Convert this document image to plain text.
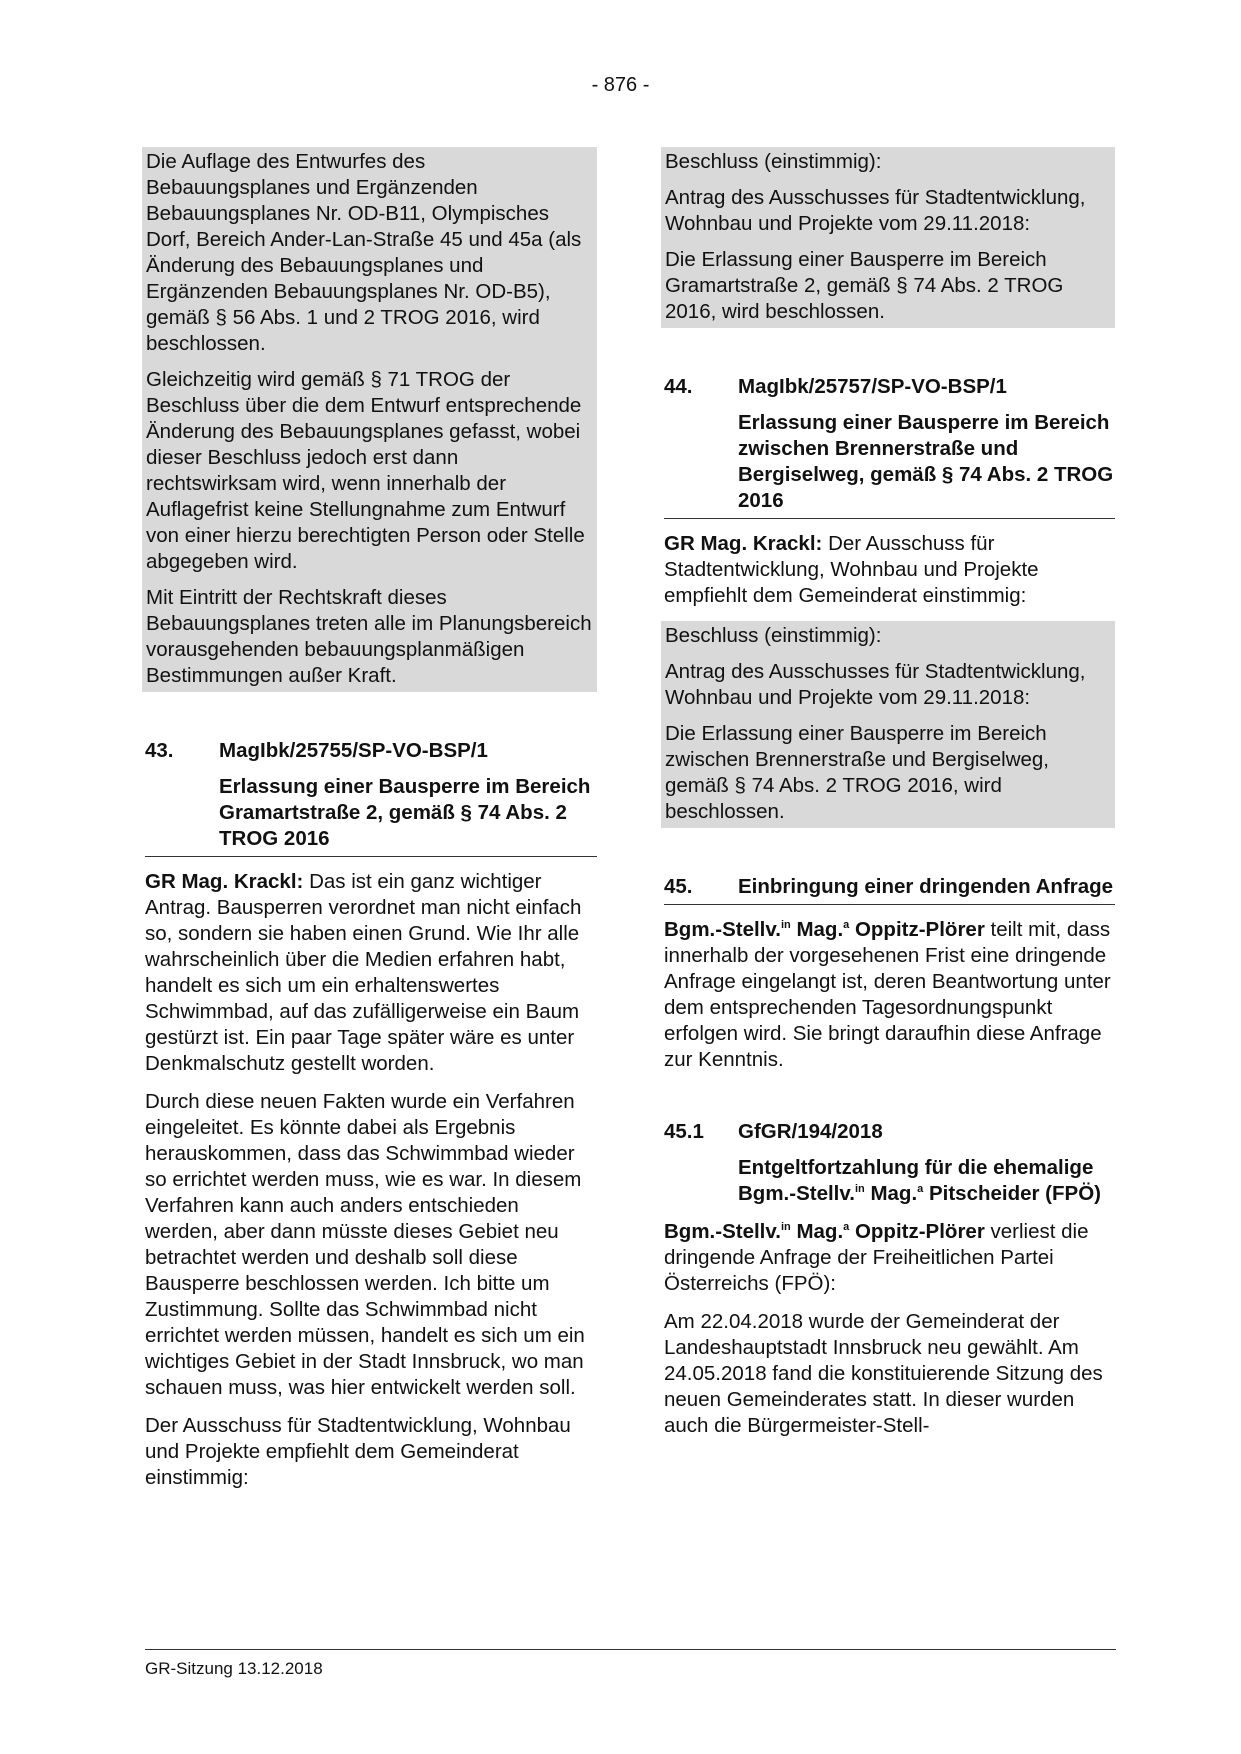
- 876 -

Die Auflage des Entwurfes des Bebauungsplanes und Ergänzenden Bebauungsplanes Nr. OD-B11, Olympisches Dorf, Bereich Ander-Lan-Straße 45 und 45a (als Änderung des Bebauungsplanes und Ergänzenden Bebauungsplanes Nr. OD-B5), gemäß § 56 Abs. 1 und 2 TROG 2016, wird beschlossen.

Gleichzeitig wird gemäß § 71 TROG der Beschluss über die dem Entwurf entsprechende Änderung des Bebauungsplanes gefasst, wobei dieser Beschluss jedoch erst dann rechtswirksam wird, wenn innerhalb der Auflagefrist keine Stellungnahme zum Entwurf von einer hierzu berechtigten Person oder Stelle abgegeben wird.

Mit Eintritt der Rechtskraft dieses Bebauungsplanes treten alle im Planungsbereich vorausgehenden bebauungsplanmäßigen Bestimmungen außer Kraft.

43. MagIbk/25755/SP-VO-BSP/1
Erlassung einer Bausperre im Bereich Gramartstraße 2, gemäß § 74 Abs. 2 TROG 2016

GR Mag. Krackl: Das ist ein ganz wichtiger Antrag. Bausperren verordnet man nicht einfach so, sondern sie haben einen Grund. Wie Ihr alle wahrscheinlich über die Medien erfahren habt, handelt es sich um ein erhaltenswertes Schwimmbad, auf das zufälligerweise ein Baum gestürzt ist. Ein paar Tage später wäre es unter Denkmalschutz gestellt worden.

Durch diese neuen Fakten wurde ein Verfahren eingeleitet. Es könnte dabei als Ergebnis herauskommen, dass das Schwimmbad wieder so errichtet werden muss, wie es war. In diesem Verfahren kann auch anders entschieden werden, aber dann müsste dieses Gebiet neu betrachtet werden und deshalb soll diese Bausperre beschlossen werden. Ich bitte um Zustimmung. Sollte das Schwimmbad nicht errichtet werden müssen, handelt es sich um ein wichtiges Gebiet in der Stadt Innsbruck, wo man schauen muss, was hier entwickelt werden soll.

Der Ausschuss für Stadtentwicklung, Wohnbau und Projekte empfiehlt dem Gemeinderat einstimmig:

Beschluss (einstimmig):

Antrag des Ausschusses für Stadtentwicklung, Wohnbau und Projekte vom 29.11.2018:

Die Erlassung einer Bausperre im Bereich Gramartstraße 2, gemäß § 74 Abs. 2 TROG 2016, wird beschlossen.

44. MagIbk/25757/SP-VO-BSP/1
Erlassung einer Bausperre im Bereich zwischen Brennerstraße und Bergiselweg, gemäß § 74 Abs. 2 TROG 2016

GR Mag. Krackl: Der Ausschuss für Stadtentwicklung, Wohnbau und Projekte empfiehlt dem Gemeinderat einstimmig:

Beschluss (einstimmig):

Antrag des Ausschusses für Stadtentwicklung, Wohnbau und Projekte vom 29.11.2018:

Die Erlassung einer Bausperre im Bereich zwischen Brennerstraße und Bergiselweg, gemäß § 74 Abs. 2 TROG 2016, wird beschlossen.

45.	Einbringung einer dringenden Anfrage

Bgm.-Stellv.$^{in}$ Mag.$^a$ Oppitz-Plörer teilt mit, dass innerhalb der vorgesehenen Frist eine dringende Anfrage eingelangt ist, deren Beantwortung unter dem entsprechenden Tagesordnungspunkt erfolgen wird. Sie bringt daraufhin diese Anfrage zur Kenntnis.

45.1 GfGR/194/2018
Entgeltfortzahlung für die ehemalige Bgm.-Stellv.$^{in}$ Mag.$^a$ Pitscheider (FPÖ)

Bgm.-Stellv.$^{in}$ Mag.$^a$ Oppitz-Plörer verliest die dringende Anfrage der Freiheitlichen Partei Österreichs (FPÖ):

Am 22.04.2018 wurde der Gemeinderat der Landeshauptstadt Innsbruck neu gewählt. Am 24.05.2018 fand die konstituierende Sitzung des neuen Gemeinderates statt. In dieser wurden auch die Bürgermeister-Stell-

GR-Sitzung 13.12.2018
